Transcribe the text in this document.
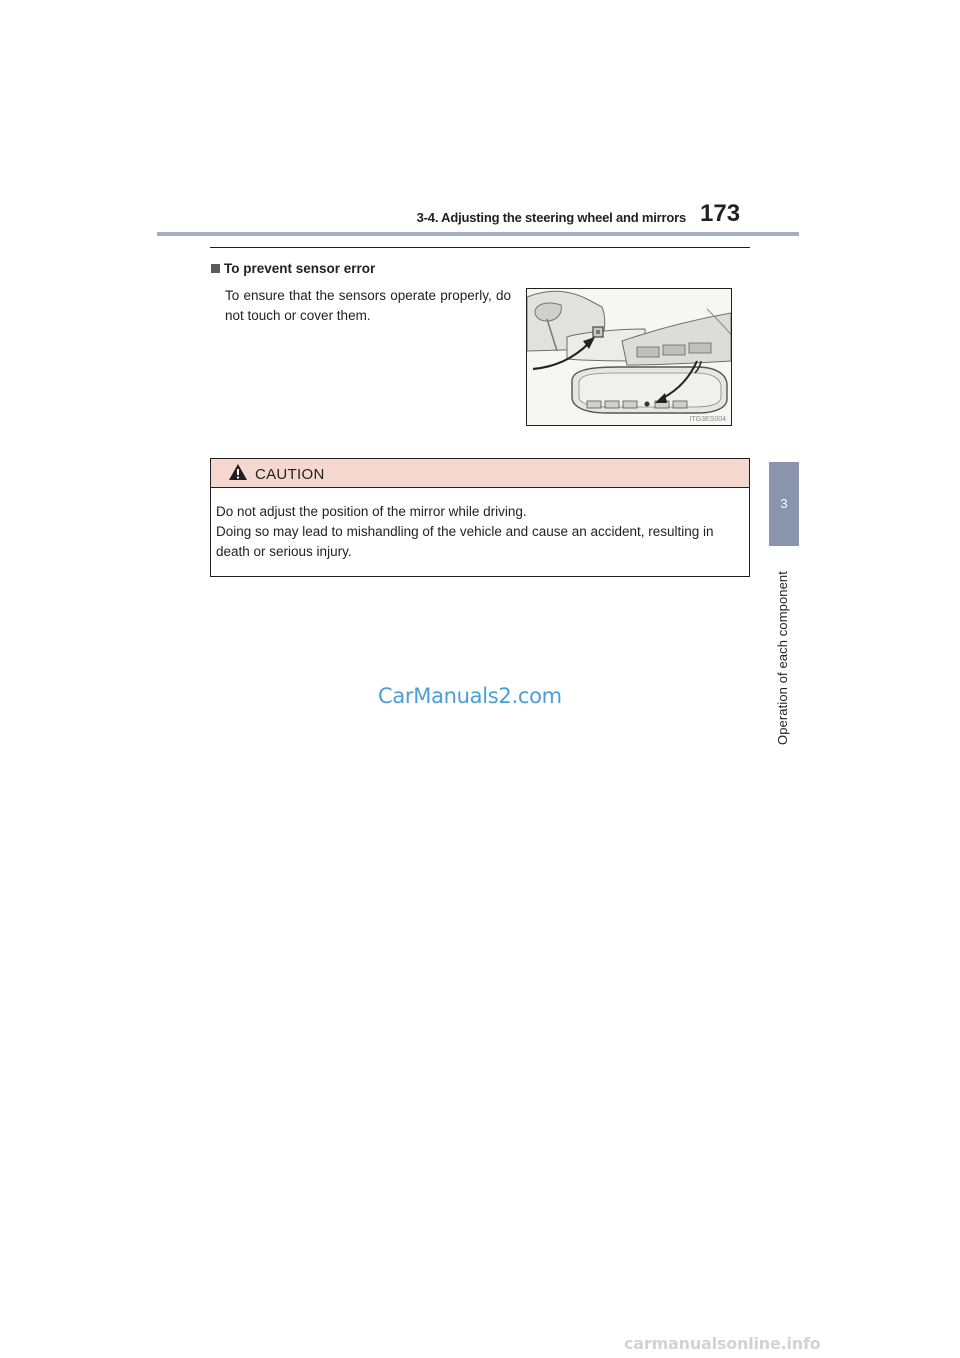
3-4. Adjusting the steering wheel and mirrors 173
3
Operation of each component
To prevent sensor error
To ensure that the sensors operate properly, do not touch or cover them.
ITG3ES004
CAUTION

Do not adjust the position of the mirror while driving.

Doing so may lead to mishandling of the vehicle and cause an accident, resulting in death or serious injury.

CarManuals2.com
carmanualsonline.info
